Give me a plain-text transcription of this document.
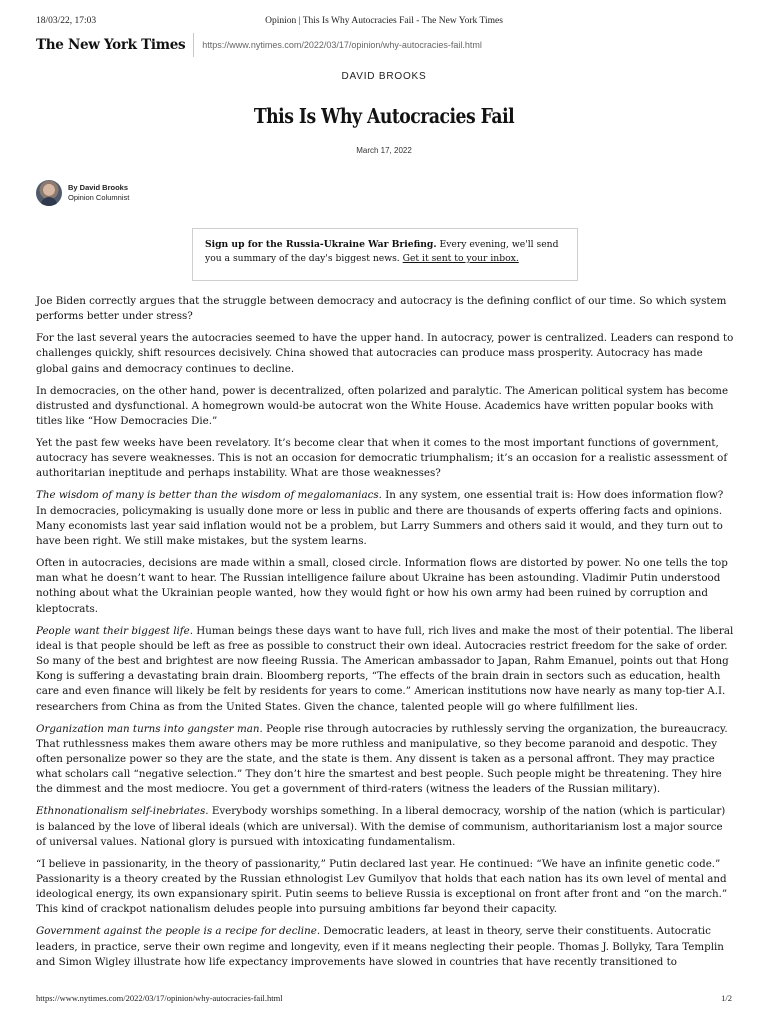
18/03/22, 17:03	Opinion | This Is Why Autocracies Fail - The New York Times
The New York Times https://www.nytimes.com/2022/03/17/opinion/why-autocracies-fail.html
DAVID BROOKS
This Is Why Autocracies Fail
March 17, 2022
By David Brooks
Opinion Columnist
Sign up for the Russia-Ukraine War Briefing. Every evening, we'll send you a summary of the day's biggest news. Get it sent to your inbox.

Joe Biden correctly argues that the struggle between democracy and autocracy is the defining conflict of our time. So which system performs better under stress?

For the last several years the autocracies seemed to have the upper hand. In autocracy, power is centralized. Leaders can respond to challenges quickly, shift resources decisively. China showed that autocracies can produce mass prosperity. Autocracy has made global gains and democracy continues to decline.

In democracies, on the other hand, power is decentralized, often polarized and paralytic. The American political system has become distrusted and dysfunctional. A homegrown would-be autocrat won the White House. Academics have written popular books with titles like “How Democracies Die.”

Yet the past few weeks have been revelatory. It’s become clear that when it comes to the most important functions of government, autocracy has severe weaknesses. This is not an occasion for democratic triumphalism; it’s an occasion for a realistic assessment of authoritarian ineptitude and perhaps instability. What are those weaknesses?

The wisdom of many is better than the wisdom of megalomaniacs. In any system, one essential trait is: How does information flow? In democracies, policymaking is usually done more or less in public and there are thousands of experts offering facts and opinions. Many economists last year said inflation would not be a problem, but Larry Summers and others said it would, and they turn out to have been right. We still make mistakes, but the system learns.

Often in autocracies, decisions are made within a small, closed circle. Information flows are distorted by power. No one tells the top man what he doesn’t want to hear. The Russian intelligence failure about Ukraine has been astounding. Vladimir Putin understood nothing about what the Ukrainian people wanted, how they would fight or how his own army had been ruined by corruption and kleptocrats.

People want their biggest life. Human beings these days want to have full, rich lives and make the most of their potential. The liberal ideal is that people should be left as free as possible to construct their own ideal. Autocracies restrict freedom for the sake of order. So many of the best and brightest are now fleeing Russia. The American ambassador to Japan, Rahm Emanuel, points out that Hong Kong is suffering a devastating brain drain. Bloomberg reports, “The effects of the brain drain in sectors such as education, health care and even finance will likely be felt by residents for years to come.” American institutions now have nearly as many top-tier A.I. researchers from China as from the United States. Given the chance, talented people will go where fulfillment lies.

Organization man turns into gangster man. People rise through autocracies by ruthlessly serving the organization, the bureaucracy. That ruthlessness makes them aware others may be more ruthless and manipulative, so they become paranoid and despotic. They often personalize power so they are the state, and the state is them. Any dissent is taken as a personal affront. They may practice what scholars call “negative selection.” They don’t hire the smartest and best people. Such people might be threatening. They hire the dimmest and the most mediocre. You get a government of third-raters (witness the leaders of the Russian military).

Ethnonationalism self-inebriates. Everybody worships something. In a liberal democracy, worship of the nation (which is particular) is balanced by the love of liberal ideals (which are universal). With the demise of communism, authoritarianism lost a major source of universal values. National glory is pursued with intoxicating fundamentalism.

“I believe in passionarity, in the theory of passionarity,” Putin declared last year. He continued: “We have an infinite genetic code.” Passionarity is a theory created by the Russian ethnologist Lev Gumilyov that holds that each nation has its own level of mental and ideological energy, its own expansionary spirit. Putin seems to believe Russia is exceptional on front after front and “on the march.” This kind of crackpot nationalism deludes people into pursuing ambitions far beyond their capacity.

Government against the people is a recipe for decline. Democratic leaders, at least in theory, serve their constituents. Autocratic leaders, in practice, serve their own regime and longevity, even if it means neglecting their people. Thomas J. Bollyky, Tara Templin and Simon Wigley illustrate how life expectancy improvements have slowed in countries that have recently transitioned to

https://www.nytimes.com/2022/03/17/opinion/why-autocracies-fail.html	1/2
